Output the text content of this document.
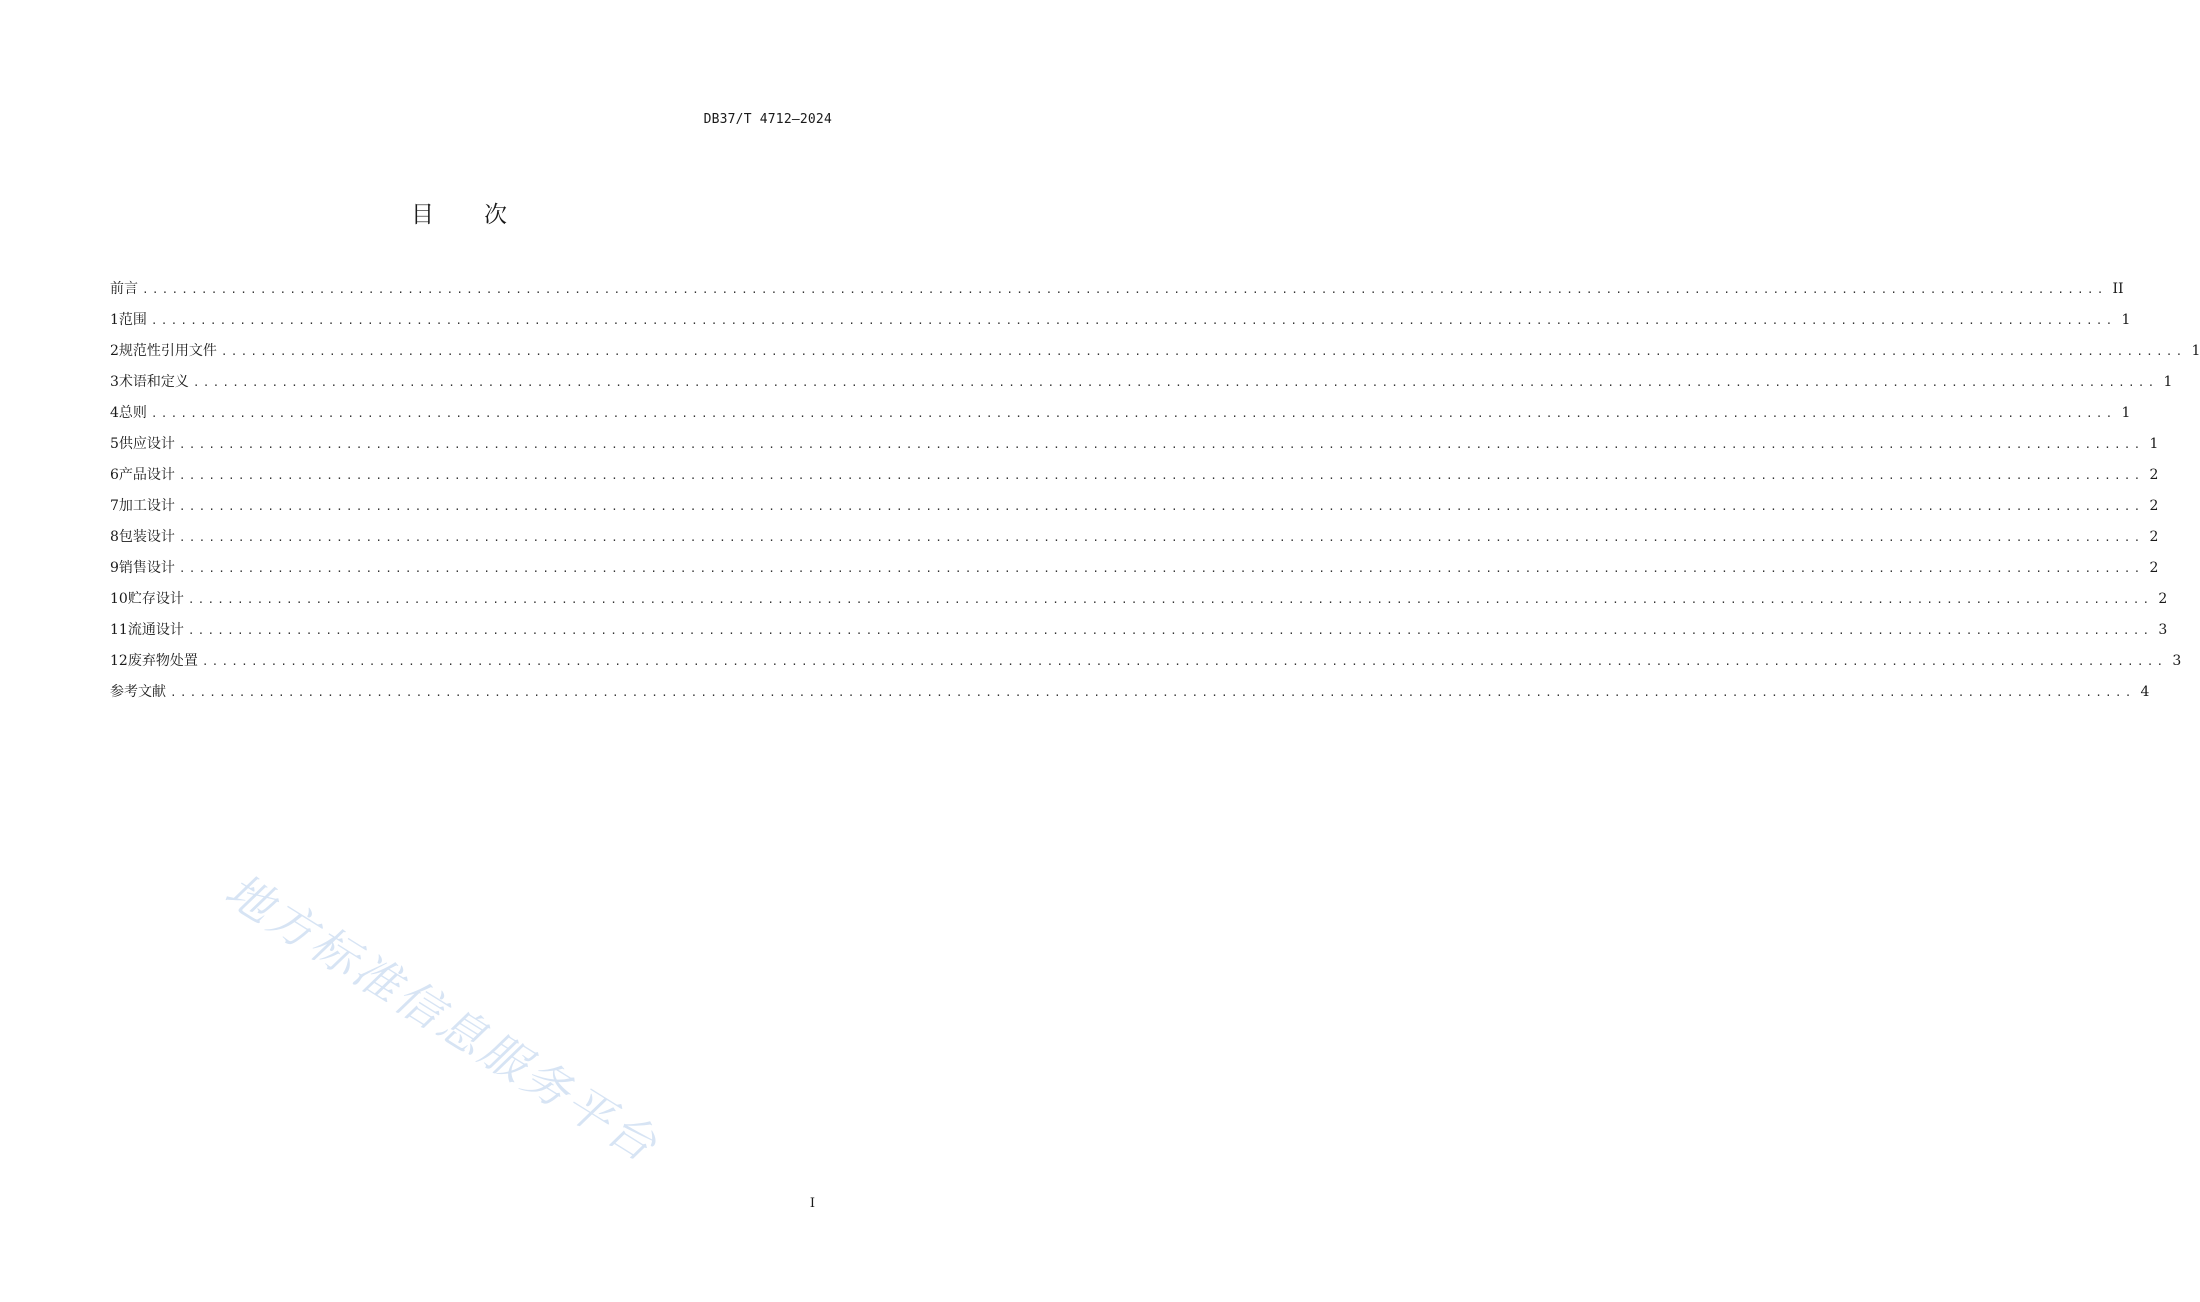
DB37/T 4712—2024
目 次
前言 ........................................................................................................................................................................................................ II
1 范围 ........................................................................................................................................................................................................ 1
2 规范性引用文件 ........................................................................................................................................................................................................ 1
3 术语和定义 ........................................................................................................................................................................................................ 1
4 总则 ........................................................................................................................................................................................................ 1
5 供应设计 ........................................................................................................................................................................................................ 1
6 产品设计 ........................................................................................................................................................................................................ 2
7 加工设计 ........................................................................................................................................................................................................ 2
8 包装设计 ........................................................................................................................................................................................................ 2
9 销售设计 ........................................................................................................................................................................................................ 2
10 贮存设计 ........................................................................................................................................................................................................ 2
11 流通设计 ........................................................................................................................................................................................................ 3
12 废弃物处置 ........................................................................................................................................................................................................ 3
参考文献 ........................................................................................................................................................................................................ 4
地方标准信息服务平台
I
